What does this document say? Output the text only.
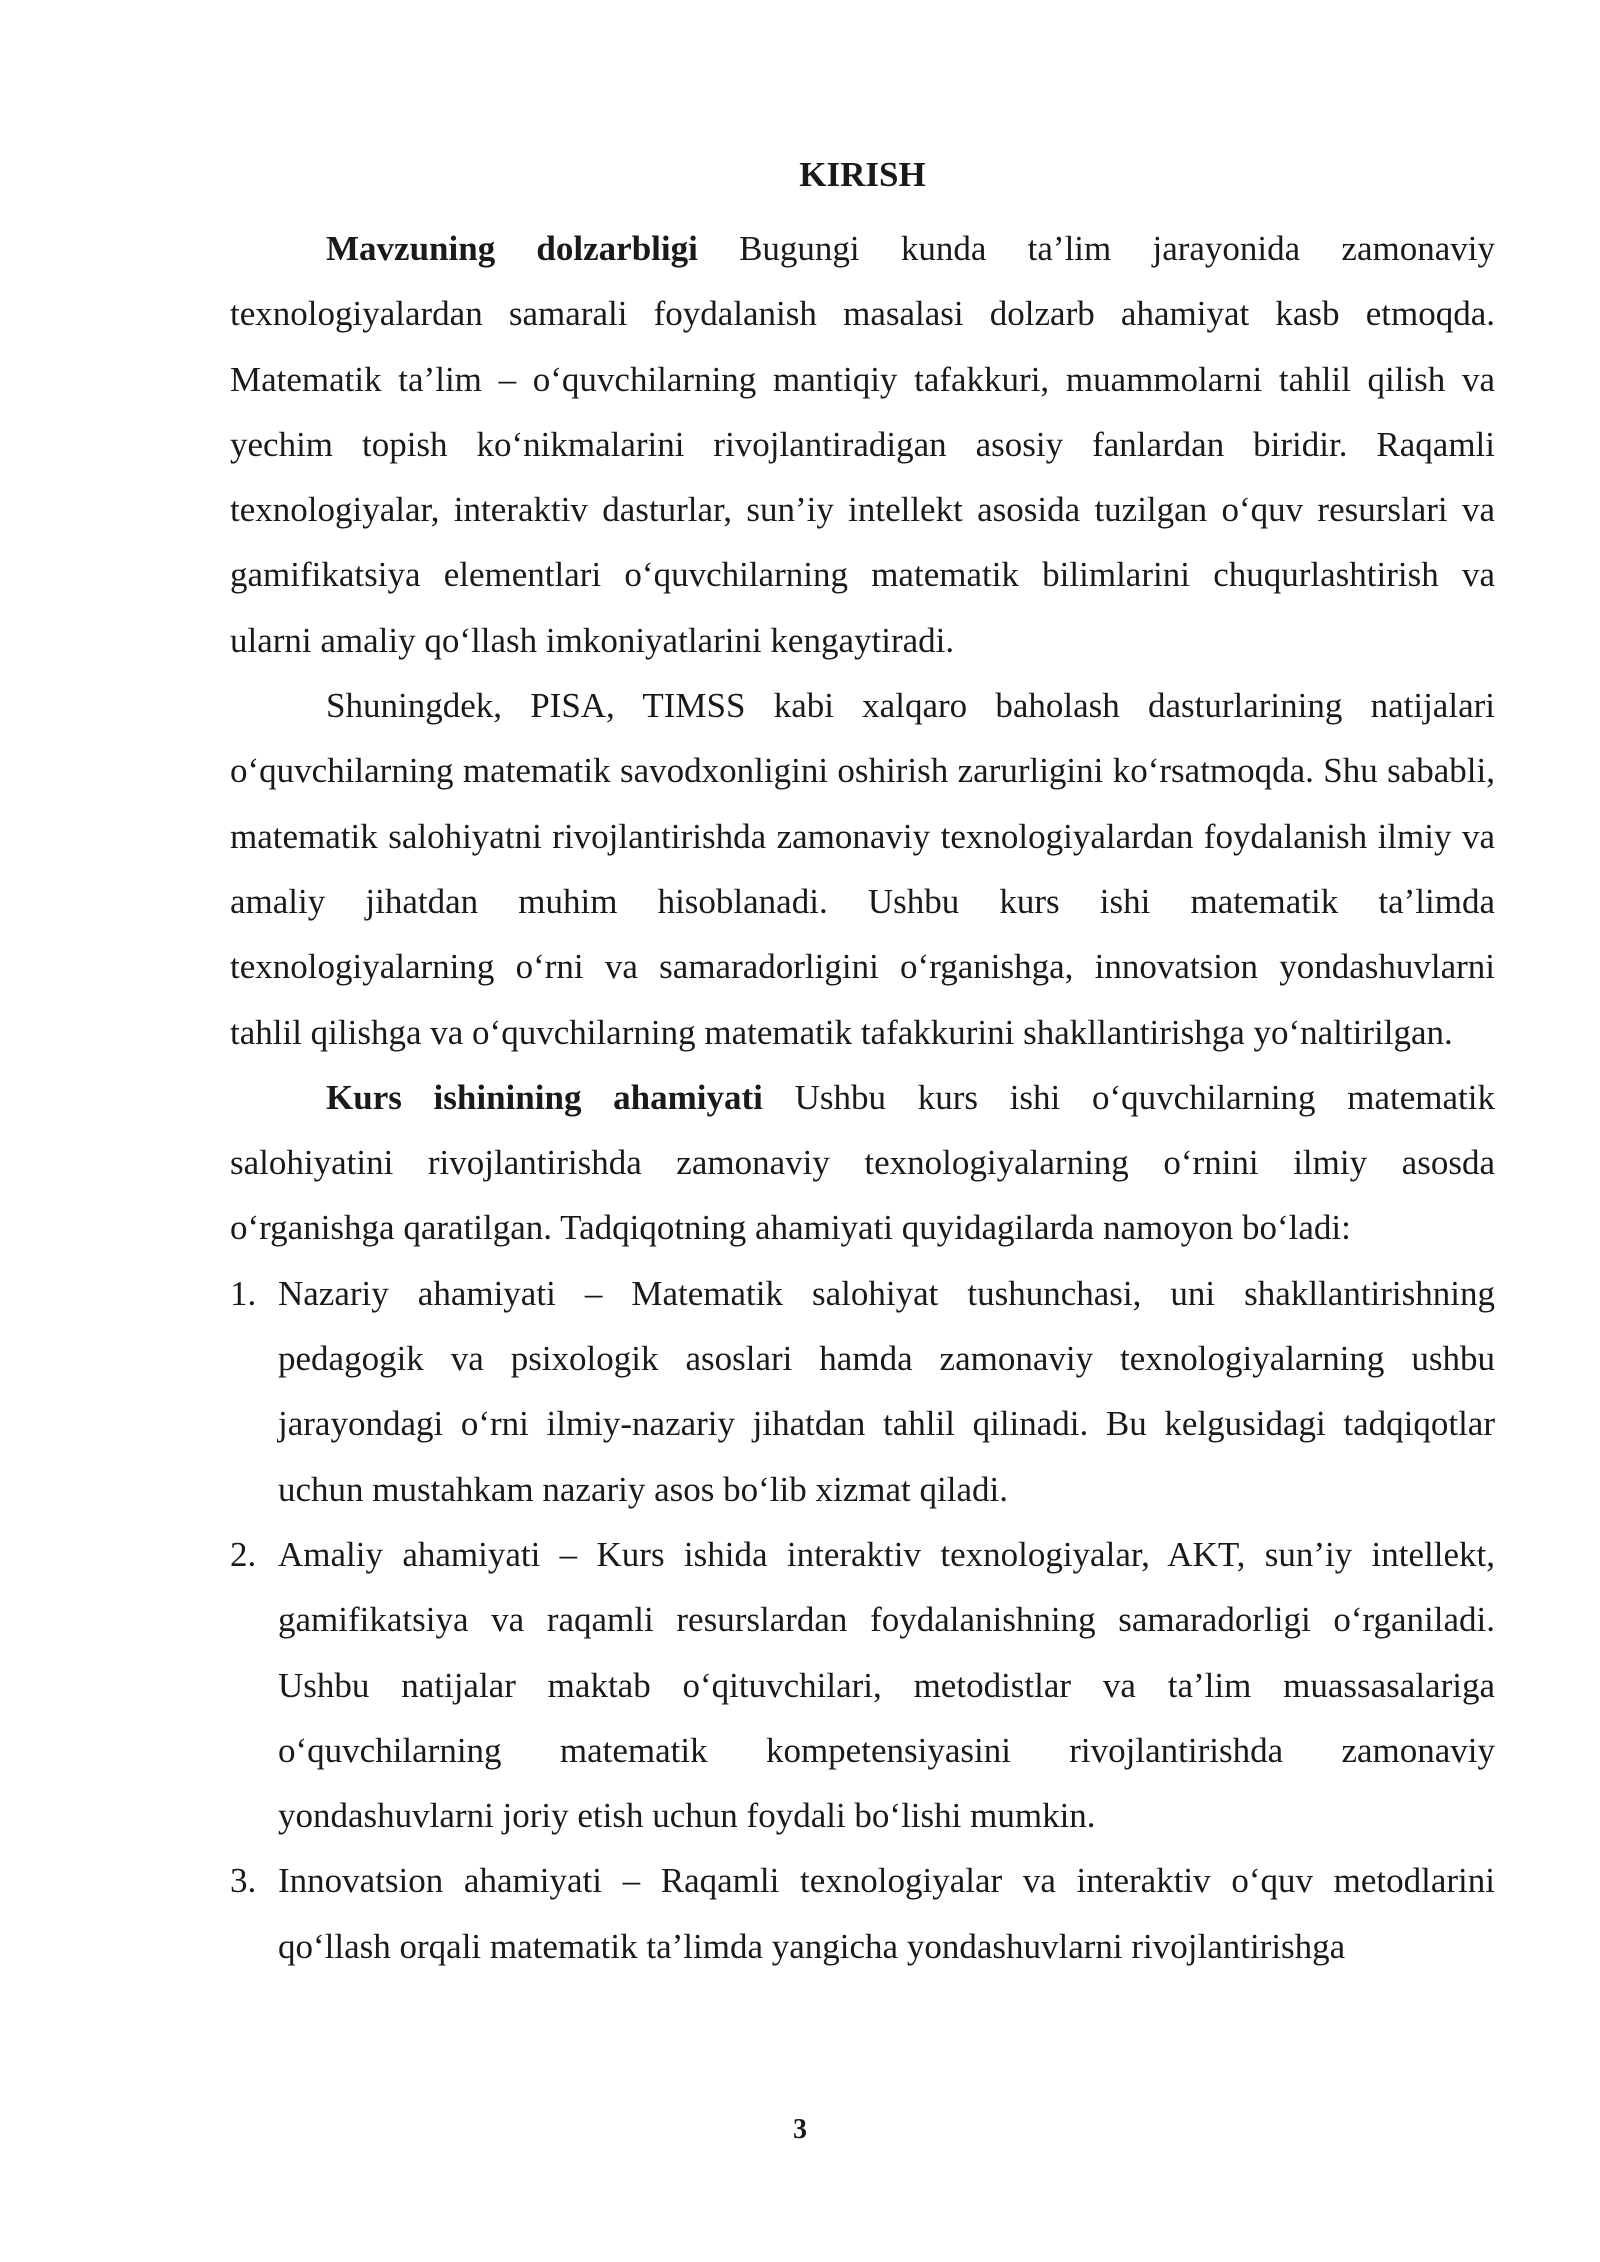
KIRISH

Mavzuning dolzarbligi Bugungi kunda ta’lim jarayonida zamonaviy texnologiyalardan samarali foydalanish masalasi dolzarb ahamiyat kasb etmoqda. Matematik ta’lim – o‘quvchilarning mantiqiy tafakkuri, muammolarni tahlil qilish va yechim topish ko‘nikmalarini rivojlantiradigan asosiy fanlardan biridir. Raqamli texnologiyalar, interaktiv dasturlar, sun’iy intellekt asosida tuzilgan o‘quv resurslari va gamifikatsiya elementlari o‘quvchilarning matematik bilimlarini chuqurlashtirish va ularni amaliy qo‘llash imkoniyatlarini kengaytiradi.

Shuningdek, PISA, TIMSS kabi xalqaro baholash dasturlarining natijalari o‘quvchilarning matematik savodxonligini oshirish zarurligini ko‘rsatmoqda. Shu sababli, matematik salohiyatni rivojlantirishda zamonaviy texnologiyalardan foydalanish ilmiy va amaliy jihatdan muhim hisoblanadi. Ushbu kurs ishi matematik ta’limda texnologiyalarning o‘rni va samaradorligini o‘rganishga, innovatsion yondashuvlarni tahlil qilishga va o‘quvchilarning matematik tafakkurini shakllantirishga yo‘naltirilgan.

Kurs ishinining ahamiyati Ushbu kurs ishi o‘quvchilarning matematik salohiyatini rivojlantirishda zamonaviy texnologiyalarning o‘rnini ilmiy asosda o‘rganishga qaratilgan. Tadqiqotning ahamiyati quyidagilarda namoyon bo‘ladi:

1. Nazariy ahamiyati – Matematik salohiyat tushunchasi, uni shakllantirishning pedagogik va psixologik asoslari hamda zamonaviy texnologiyalarning ushbu jarayondagi o‘rni ilmiy-nazariy jihatdan tahlil qilinadi. Bu kelgusidagi tadqiqotlar uchun mustahkam nazariy asos bo‘lib xizmat qiladi.
2. Amaliy ahamiyati – Kurs ishida interaktiv texnologiyalar, AKT, sun’iy intellekt, gamifikatsiya va raqamli resurslardan foydalanishning samaradorligi o‘rganiladi. Ushbu natijalar maktab o‘qituvchilari, metodistlar va ta’lim muassasalariga o‘quvchilarning matematik kompetensiyasini rivojlantirishda zamonaviy yondashuvlarni joriy etish uchun foydali bo‘lishi mumkin.
3. Innovatsion ahamiyati – Raqamli texnologiyalar va interaktiv o‘quv metodlarini qo‘llash orqali matematik ta’limda yangicha yondashuvlarni rivojlantirishga
3
